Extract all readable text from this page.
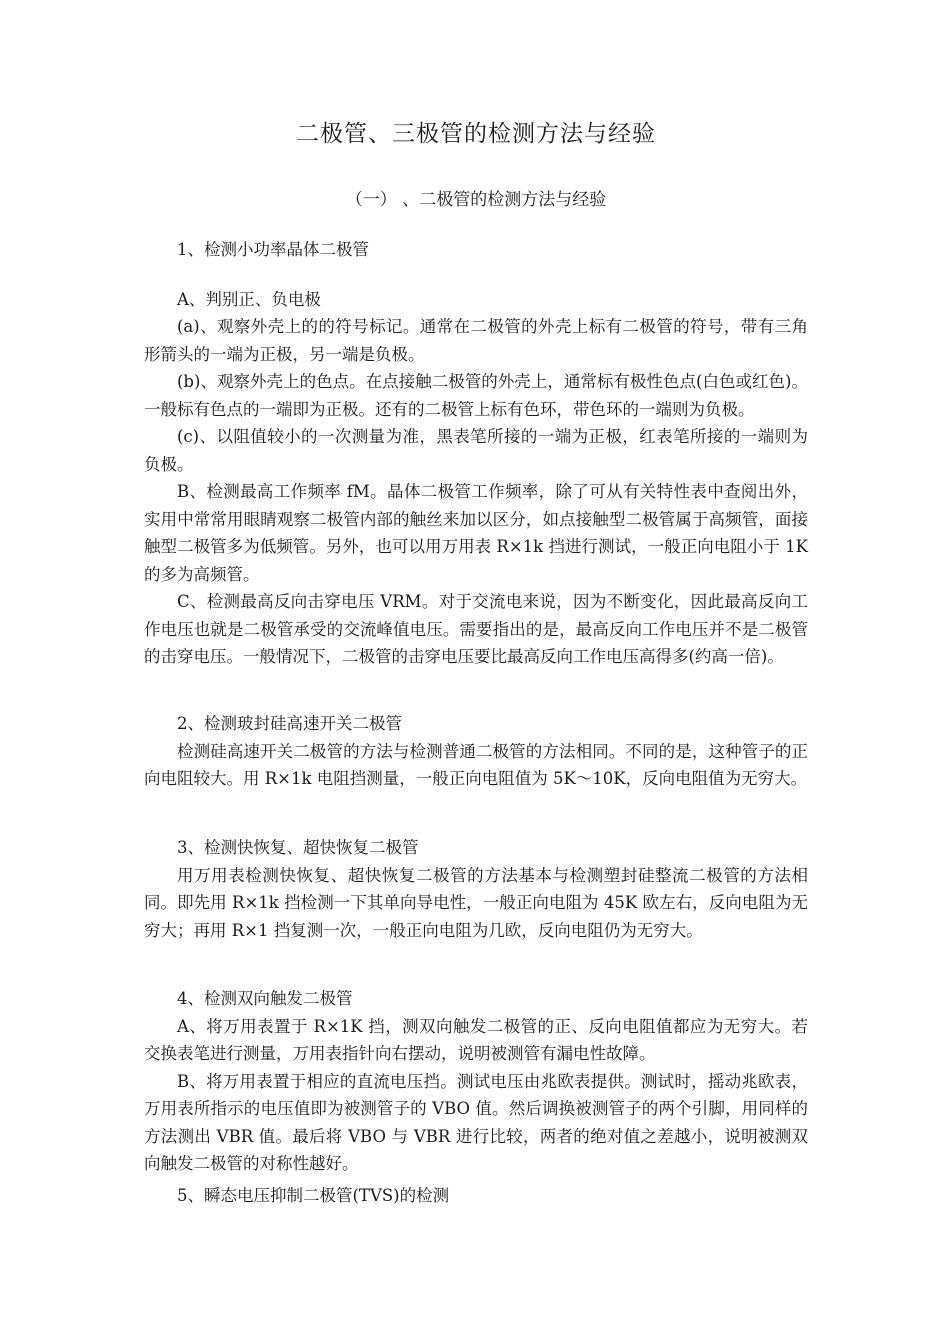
二极管、三极管的检测方法与经验
（一） 、二极管的检测方法与经验

1、检测小功率晶体二极管

A、判别正、负电极

(a)、观察外壳上的的符号标记。通常在二极管的外壳上标有二极管的符号，带有三角形箭头的一端为正极，另一端是负极。

(b)、观察外壳上的色点。在点接触二极管的外壳上，通常标有极性色点(白色或红色)。一般标有色点的一端即为正极。还有的二极管上标有色环，带色环的一端则为负极。

(c)、以阻值较小的一次测量为准，黑表笔所接的一端为正极，红表笔所接的一端则为负极。

B、检测最高工作频率 fM。晶体二极管工作频率，除了可从有关特性表中查阅出外，实用中常常用眼睛观察二极管内部的触丝来加以区分，如点接触型二极管属于高频管，面接触型二极管多为低频管。另外，也可以用万用表 R×1k 挡进行测试，一般正向电阻小于 1K 的多为高频管。

C、检测最高反向击穿电压 VRM。对于交流电来说，因为不断变化，因此最高反向工作电压也就是二极管承受的交流峰值电压。需要指出的是，最高反向工作电压并不是二极管的击穿电压。一般情况下，二极管的击穿电压要比最高反向工作电压高得多(约高一倍)。

2、检测玻封硅高速开关二极管

检测硅高速开关二极管的方法与检测普通二极管的方法相同。不同的是，这种管子的正向电阻较大。用 R×1k 电阻挡测量，一般正向电阻值为 5K～10K，反向电阻值为无穷大。

3、检测快恢复、超快恢复二极管

用万用表检测快恢复、超快恢复二极管的方法基本与检测塑封硅整流二极管的方法相同。即先用 R×1k 挡检测一下其单向导电性，一般正向电阻为 45K 欧左右，反向电阻为无穷大；再用 R×1 挡复测一次，一般正向电阻为几欧，反向电阻仍为无穷大。

4、检测双向触发二极管

A、将万用表置于 R×1K 挡，测双向触发二极管的正、反向电阻值都应为无穷大。若交换表笔进行测量，万用表指针向右摆动，说明被测管有漏电性故障。

B、将万用表置于相应的直流电压挡。测试电压由兆欧表提供。测试时，摇动兆欧表，万用表所指示的电压值即为被测管子的 VBO 值。然后调换被测管子的两个引脚，用同样的方法测出 VBR 值。最后将 VBO 与 VBR 进行比较，两者的绝对值之差越小，说明被测双向触发二极管的对称性越好。

5、瞬态电压抑制二极管(TVS)的检测
